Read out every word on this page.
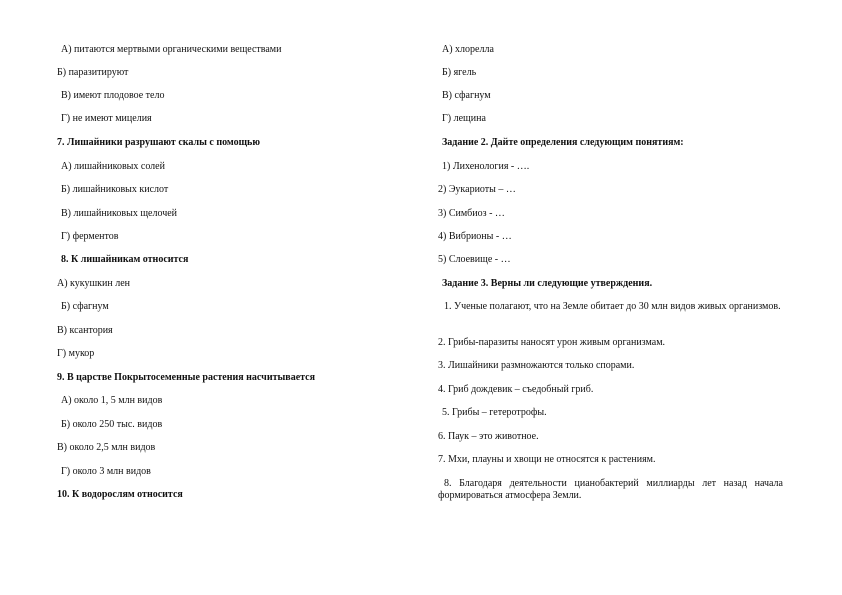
А) питаются мертвыми органическими веществами
Б) паразитируют
В) имеют плодовое тело
Г) не имеют мицелия
7. Лишайники разрушают скалы с помощью
А) лишайниковых солей
Б) лишайниковых кислот
В) лишайниковых щелочей
Г) ферментов
8. К лишайникам относится
А) кукушкин лен
Б) сфагнум
В) ксантория
Г) мукор
9. В царстве Покрытосеменные растения насчитывается
А) около 1, 5 млн видов
Б) около 250 тыс. видов
В) около 2,5 млн видов
Г) около 3 млн видов
10. К водорослям относится
А) хлорелла
Б) ягель
В) сфагнум
Г) лещина
Задание 2. Дайте определения следующим понятиям:
1) Лихенология - ….
2) Эукариоты – …
3) Симбиоз - …
4) Вибрионы - …
5) Слоевище - …
Задание 3. Верны ли следующие утверждения.
1. Ученые полагают, что на Земле обитает до 30 млн видов живых организмов.
2. Грибы-паразиты наносят урон живым организмам.
3. Лишайники размножаются только спорами.
4. Гриб дождевик – съедобный гриб.
5. Грибы – гетеротрофы.
6. Паук – это животное.
7. Мхи, плауны и хвощи не относятся к растениям.
8. Благодаря деятельности цианобактерий миллиарды лет назад начала формироваться атмосфера Земли.
